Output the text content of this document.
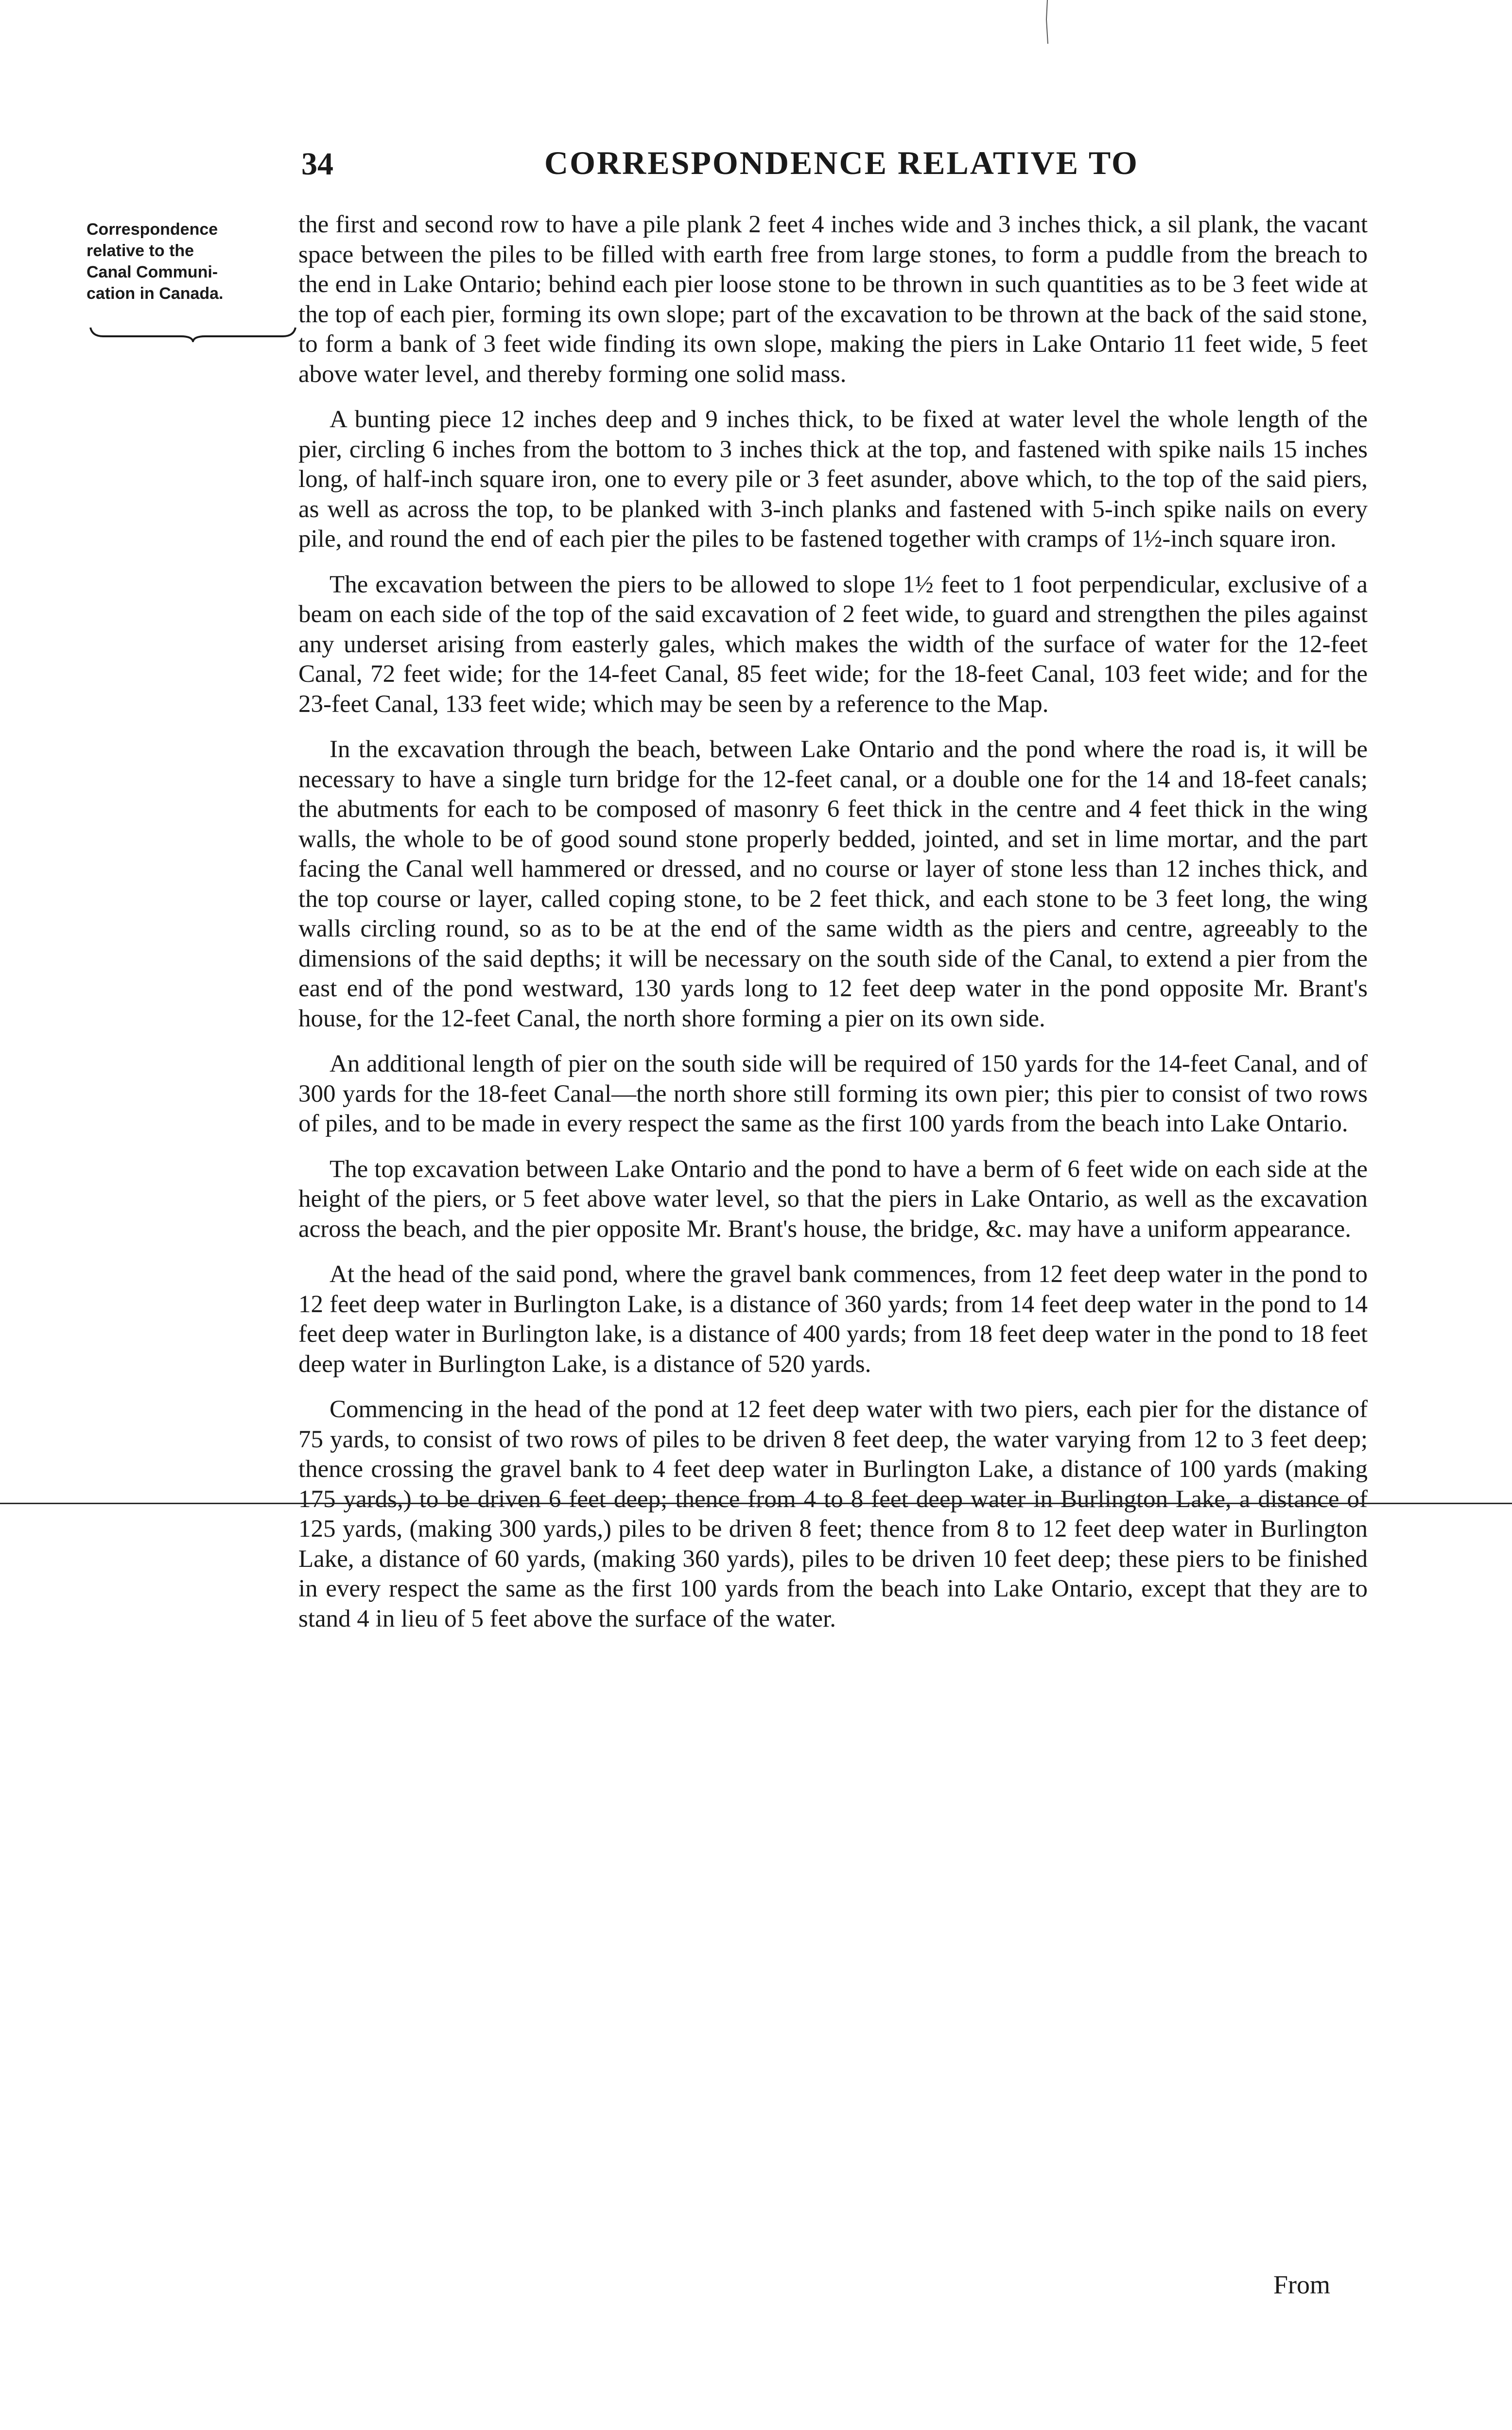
34	CORRESPONDENCE RELATIVE TO
Correspondence
relative to the
Canal Communi-
cation in Canada.

the first and second row to have a pile plank 2 feet 4 inches wide and 3 inches thick, a sil plank, the vacant space between the piles to be filled with earth free from large stones, to form a puddle from the breach to the end in Lake Ontario; behind each pier loose stone to be thrown in such quantities as to be 3 feet wide at the top of each pier, forming its own slope; part of the excavation to be thrown at the back of the said stone, to form a bank of 3 feet wide finding its own slope, making the piers in Lake Ontario 11 feet wide, 5 feet above water level, and thereby forming one solid mass.

A bunting piece 12 inches deep and 9 inches thick, to be fixed at water level the whole length of the pier, circling 6 inches from the bottom to 3 inches thick at the top, and fastened with spike nails 15 inches long, of half-inch square iron, one to every pile or 3 feet asunder, above which, to the top of the said piers, as well as across the top, to be planked with 3-inch planks and fastened with 5-inch spike nails on every pile, and round the end of each pier the piles to be fastened together with cramps of 1½-inch square iron.

The excavation between the piers to be allowed to slope 1½ feet to 1 foot perpendicular, exclusive of a beam on each side of the top of the said excavation of 2 feet wide, to guard and strengthen the piles against any underset arising from easterly gales, which makes the width of the surface of water for the 12-feet Canal, 72 feet wide; for the 14-feet Canal, 85 feet wide; for the 18-feet Canal, 103 feet wide; and for the 23-feet Canal, 133 feet wide; which may be seen by a reference to the Map.

In the excavation through the beach, between Lake Ontario and the pond where the road is, it will be necessary to have a single turn bridge for the 12-feet canal, or a double one for the 14 and 18-feet canals; the abutments for each to be composed of masonry 6 feet thick in the centre and 4 feet thick in the wing walls, the whole to be of good sound stone properly bedded, jointed, and set in lime mortar, and the part facing the Canal well hammered or dressed, and no course or layer of stone less than 12 inches thick, and the top course or layer, called coping stone, to be 2 feet thick, and each stone to be 3 feet long, the wing walls circling round, so as to be at the end of the same width as the piers and centre, agreeably to the dimensions of the said depths; it will be necessary on the south side of the Canal, to extend a pier from the east end of the pond westward, 130 yards long to 12 feet deep water in the pond opposite Mr. Brant's house, for the 12-feet Canal, the north shore forming a pier on its own side.

An additional length of pier on the south side will be required of 150 yards for the 14-feet Canal, and of 300 yards for the 18-feet Canal—the north shore still forming its own pier; this pier to consist of two rows of piles, and to be made in every respect the same as the first 100 yards from the beach into Lake Ontario.

The top excavation between Lake Ontario and the pond to have a berm of 6 feet wide on each side at the height of the piers, or 5 feet above water level, so that the piers in Lake Ontario, as well as the excavation across the beach, and the pier opposite Mr. Brant's house, the bridge, &c. may have a uniform appearance.

At the head of the said pond, where the gravel bank commences, from 12 feet deep water in the pond to 12 feet deep water in Burlington Lake, is a distance of 360 yards; from 14 feet deep water in the pond to 14 feet deep water in Burlington lake, is a distance of 400 yards; from 18 feet deep water in the pond to 18 feet deep water in Burlington Lake, is a distance of 520 yards.

Commencing in the head of the pond at 12 feet deep water with two piers, each pier for the distance of 75 yards, to consist of two rows of piles to be driven 8 feet deep, the water varying from 12 to 3 feet deep; thence crossing the gravel bank to 4 feet deep water in Burlington Lake, a distance of 100 yards (making 175 yards,) to be driven 6 feet deep; thence from 4 to 8 feet deep water in Burlington Lake, a distance of 125 yards, (making 300 yards,) piles to be driven 8 feet; thence from 8 to 12 feet deep water in Burlington Lake, a distance of 60 yards, (making 360 yards), piles to be driven 10 feet deep; these piers to be finished in every respect the same as the first 100 yards from the beach into Lake Ontario, except that they are to stand 4 in lieu of 5 feet above the surface of the water.

From
